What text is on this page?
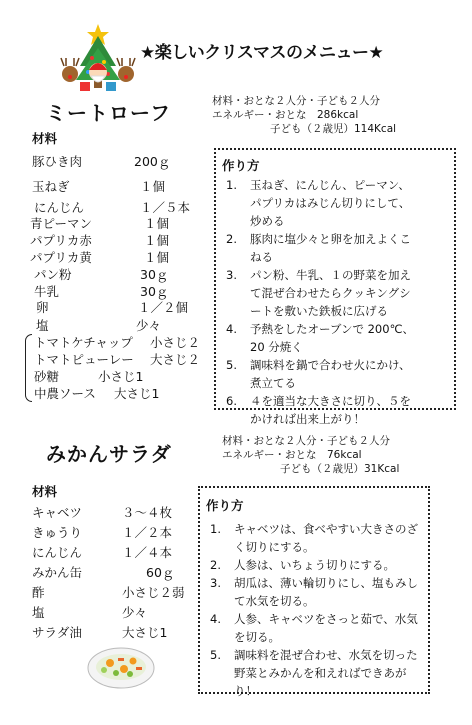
★楽しいクリスマスのメニュー★
ミートローフ	材料・おとな２人分・子ども２人分
エネルギー・おとな　286kcal
子ども（２歳児）114Kcal
材料
豚ひき肉	200ｇ
玉ねぎ	１個
にんじん	１／５本
青ピーマン	１個
パプリカ赤	１個
パプリカ黄	１個
パン粉	30ｇ
牛乳	30ｇ
卵	１／２個
塩	少々
トマトケチャップ 小さじ２
トマトピューレー 大さじ２
砂糖	小さじ1
中農ソース 大さじ1
作り方
1. 玉ねぎ、にんじん、ピーマン、
パプリカはみじん切りにして、
炒める
2. 豚肉に塩少々と卵を加えよくこ
ねる
3. パン粉、牛乳、１の野菜を加え
て混ぜ合わせたらクッキングシ
ートを敷いた鉄板に広げる
4. 予熱をしたオーブンで 200℃、
20 分焼く
5. 調味料を鍋で合わせ火にかけ、
煮立てる
6. ４を適当な大きさに切り、５を
かければ出来上がり！
みかんサラダ
材料・おとな２人分・子ども２人分
エネルギー・おとな　76kcal
子ども（２歳児）31Kcal
材料
キャベツ	３～４枚
きゅうり	１／２本
にんじん	１／４本
みかん缶	60ｇ
酢	小さじ２弱
塩	少々
サラダ油	大さじ1
作り方
1. キャベツは、食べやすい大きさのざ
く切りにする。
2. 人参は、いちょう切りにする。
3. 胡瓜は、薄い輪切りにし、塩もみし
て水気を切る。
4. 人参、キャベツをさっと茹で、水気
を切る。
5. 調味料を混ぜ合わせ、水気を切った
野菜とみかんを和えればできあが
り！
